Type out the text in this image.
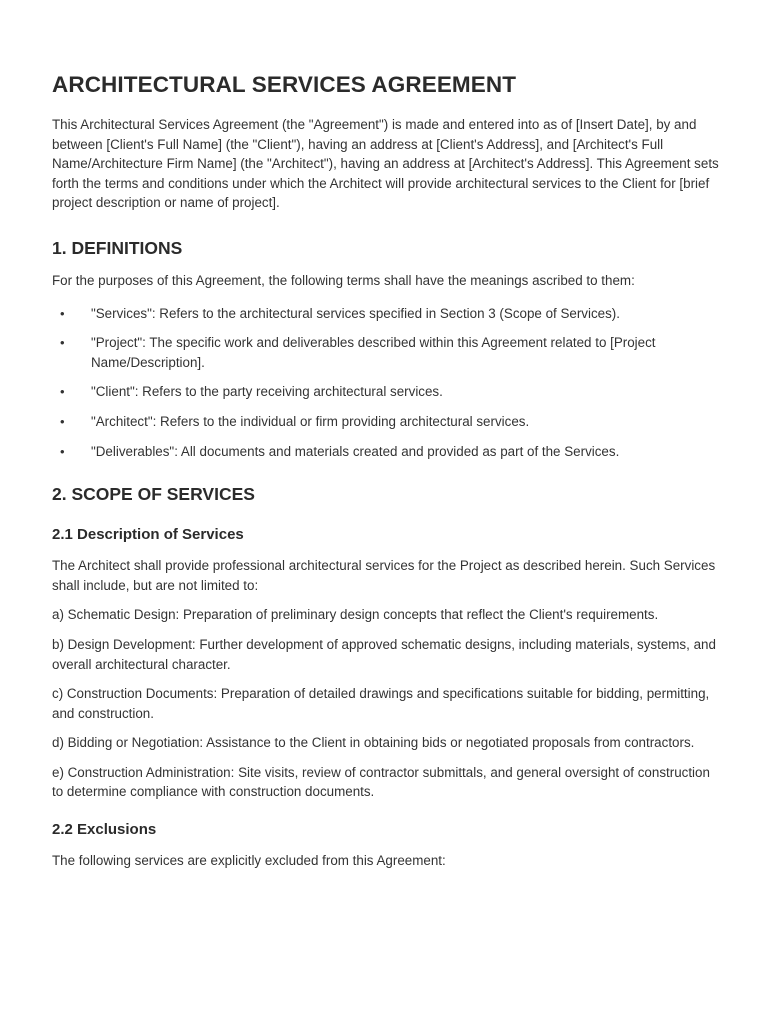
ARCHITECTURAL SERVICES AGREEMENT

This Architectural Services Agreement (the "Agreement") is made and entered into as of [Insert Date], by and between [Client's Full Name] (the "Client"), having an address at [Client's Address], and [Architect's Full Name/Architecture Firm Name] (the "Architect"), having an address at [Architect's Address]. This Agreement sets forth the terms and conditions under which the Architect will provide architectural services to the Client for [brief project description or name of project].

1. DEFINITIONS

For the purposes of this Agreement, the following terms shall have the meanings ascribed to them:

• "Services": Refers to the architectural services specified in Section 3 (Scope of Services).
• "Project": The specific work and deliverables described within this Agreement related to [Project Name/Description].
• "Client": Refers to the party receiving architectural services.
• "Architect": Refers to the individual or firm providing architectural services.
• "Deliverables": All documents and materials created and provided as part of the Services.
2. SCOPE OF SERVICES
2.1 Description of Services

The Architect shall provide professional architectural services for the Project as described herein. Such Services shall include, but are not limited to:

a) Schematic Design: Preparation of preliminary design concepts that reflect the Client's requirements.

b) Design Development: Further development of approved schematic designs, including materials, systems, and overall architectural character.

c) Construction Documents: Preparation of detailed drawings and specifications suitable for bidding, permitting, and construction.

d) Bidding or Negotiation: Assistance to the Client in obtaining bids or negotiated proposals from contractors.

e) Construction Administration: Site visits, review of contractor submittals, and general oversight of construction to determine compliance with construction documents.

2.2 Exclusions

The following services are explicitly excluded from this Agreement:
